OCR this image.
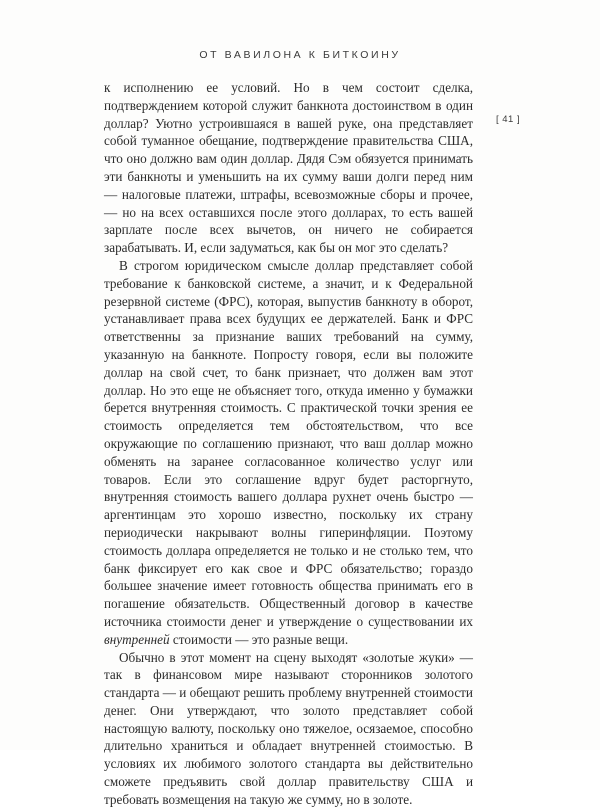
ОТ ВАВИЛОНА К БИТКОИНУ
[ 41 ]

к исполнению ее условий. Но в чем состоит сделка, подтверждением которой служит банкнота достоинством в один доллар? Уютно устроившаяся в вашей руке, она представляет собой туманное обещание, подтверждение правительства США, что оно должно вам один доллар. Дядя Сэм обязуется принимать эти банкноты и уменьшить на их сумму ваши долги перед ним — налоговые платежи, штрафы, всевозможные сборы и прочее, — но на всех оставшихся после этого долларах, то есть вашей зарплате после всех вычетов, он ничего не собирается зарабатывать. И, если задуматься, как бы он мог это сделать?

В строгом юридическом смысле доллар представляет собой требование к банковской системе, а значит, и к Федеральной резервной системе (ФРС), которая, выпустив банкноту в оборот, устанавливает права всех будущих ее держателей. Банк и ФРС ответственны за признание ваших требований на сумму, указанную на банкноте. Попросту говоря, если вы положите доллар на свой счет, то банк признает, что должен вам этот доллар. Но это еще не объясняет того, откуда именно у бумажки берется внутренняя стоимость. С практической точки зрения ее стоимость определяется тем обстоятельством, что все окружающие по соглашению признают, что ваш доллар можно обменять на заранее согласованное количество услуг или товаров. Если это соглашение вдруг будет расторгнуто, внутренняя стоимость вашего доллара рухнет очень быстро — аргентинцам это хорошо известно, поскольку их страну периодически накрывают волны гиперинфляции. Поэтому стоимость доллара определяется не только и не столько тем, что банк фиксирует его как свое и ФРС обязательство; гораздо большее значение имеет готовность общества принимать его в погашение обязательств. Общественный договор в качестве источника стоимости денег и утверждение о существовании их внутренней стоимости — это разные вещи.

Обычно в этот момент на сцену выходят «золотые жуки» — так в финансовом мире называют сторонников золотого стандарта — и обещают решить проблему внутренней стоимости денег. Они утверждают, что золото представляет собой настоящую валюту, поскольку оно тяжелое, осязаемое, способно длительно храниться и обладает внутренней стоимостью. В условиях их любимого золотого стандарта вы действительно сможете предъявить свой доллар правительству США и требовать возмещения на такую же сумму, но в золоте.
